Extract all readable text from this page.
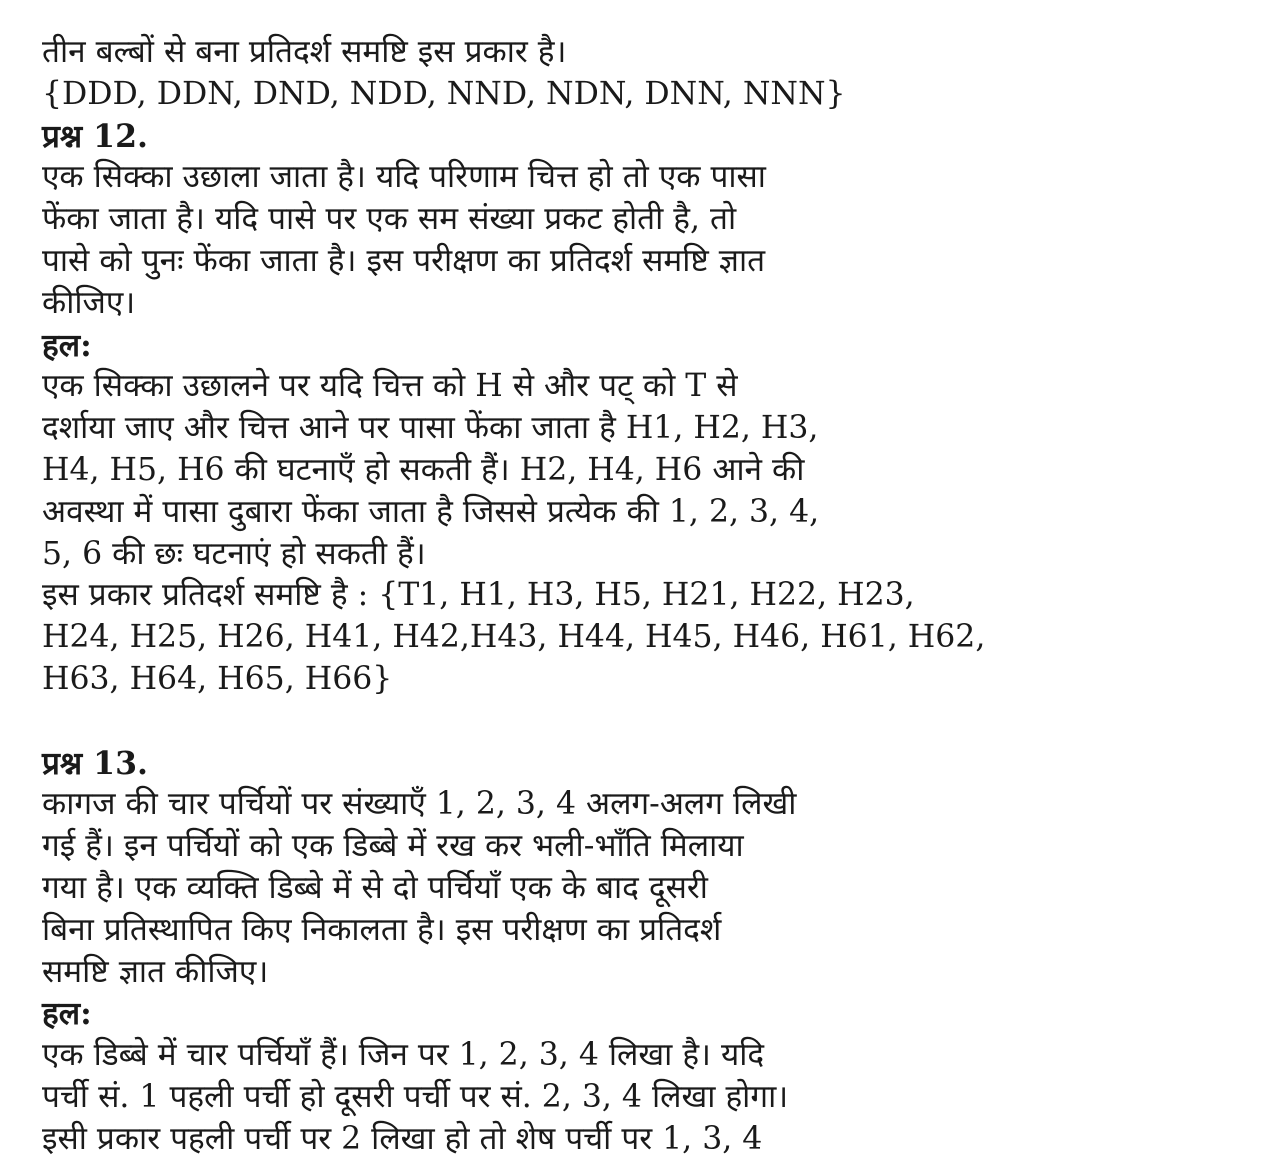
तीन बल्बों से बना प्रतिदर्श समष्टि इस प्रकार है।
{DDD, DDN, DND, NDD, NND, NDN, DNN, NNN}
प्रश्न 12.
एक सिक्का उछाला जाता है। यदि परिणाम चित्त हो तो एक पासा
फेंका जाता है। यदि पासे पर एक सम संख्या प्रकट होती है, तो
पासे को पुनः फेंका जाता है। इस परीक्षण का प्रतिदर्श समष्टि ज्ञात
कीजिए।
हल:
एक सिक्का उछालने पर यदि चित्त को H से और पट् को T से
दर्शाया जाए और चित्त आने पर पासा फेंका जाता है H1, H2, H3,
H4, H5, H6 की घटनाएँ हो सकती हैं। H2, H4, H6 आने की
अवस्था में पासा दुबारा फेंका जाता है जिससे प्रत्येक की 1, 2, 3, 4,
5, 6 की छः घटनाएं हो सकती हैं।
इस प्रकार प्रतिदर्श समष्टि है : {T1, H1, H3, H5, H21, H22, H23,
H24, H25, H26, H41, H42,H43, H44, H45, H46, H61, H62,
H63, H64, H65, H66}
प्रश्न 13.
कागज की चार पर्चियों पर संख्याएँ 1, 2, 3, 4 अलग-अलग लिखी
गई हैं। इन पर्चियों को एक डिब्बे में रख कर भली-भाँति मिलाया
गया है। एक व्यक्ति डिब्बे में से दो पर्चियाँ एक के बाद दूसरी
बिना प्रतिस्थापित किए निकालता है। इस परीक्षण का प्रतिदर्श
समष्टि ज्ञात कीजिए।
हल:
एक डिब्बे में चार पर्चियाँ हैं। जिन पर 1, 2, 3, 4 लिखा है। यदि
पर्ची सं. 1 पहली पर्ची हो दूसरी पर्ची पर सं. 2, 3, 4 लिखा होगा।
इसी प्रकार पहली पर्ची पर 2 लिखा हो तो शेष पर्ची पर 1, 3, 4
